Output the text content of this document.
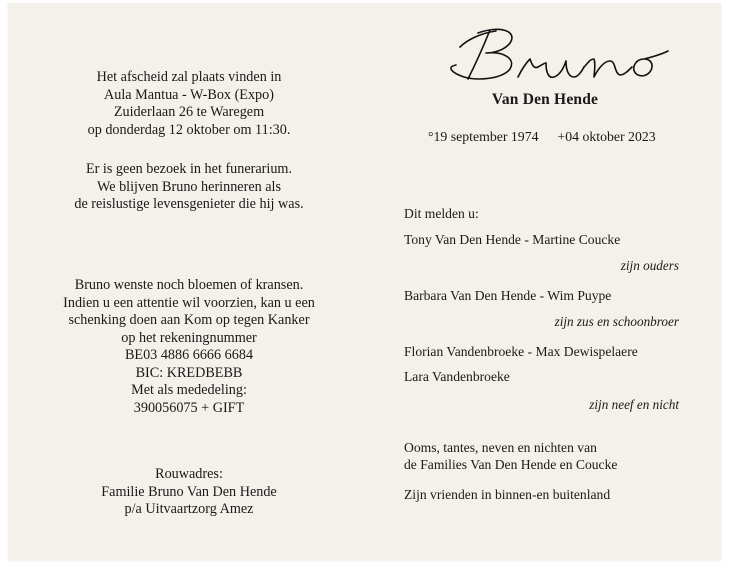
Het afscheid zal plaats vinden in
Aula Mantua - W-Box (Expo)
Zuiderlaan 26 te Waregem
op donderdag 12 oktober om 11:30.
Er is geen bezoek in het funerarium.
We blijven Bruno herinneren als
de reislustige levensgenieter die hij was.
Bruno wenste noch bloemen of kransen.
Indien u een attentie wil voorzien, kan u een
schenking doen aan Kom op tegen Kanker
op het rekeningnummer
BE03 4886 6666 6684
BIC: KREDBEBB
Met als mededeling:
390056075 + GIFT
Rouwadres:
Familie Bruno Van Den Hende
p/a Uitvaartzorg Amez
Van Den Hende
°19 september 1974 +04 oktober 2023
Dit melden u:
Tony Van Den Hende - Martine Coucke
zijn ouders
Barbara Van Den Hende - Wim Puype
zijn zus en schoonbroer
Florian Vandenbroeke - Max Dewispelaere
Lara Vandenbroeke
zijn neef en nicht
Ooms, tantes, neven en nichten van
de Families Van Den Hende en Coucke
Zijn vrienden in binnen-en buitenland
